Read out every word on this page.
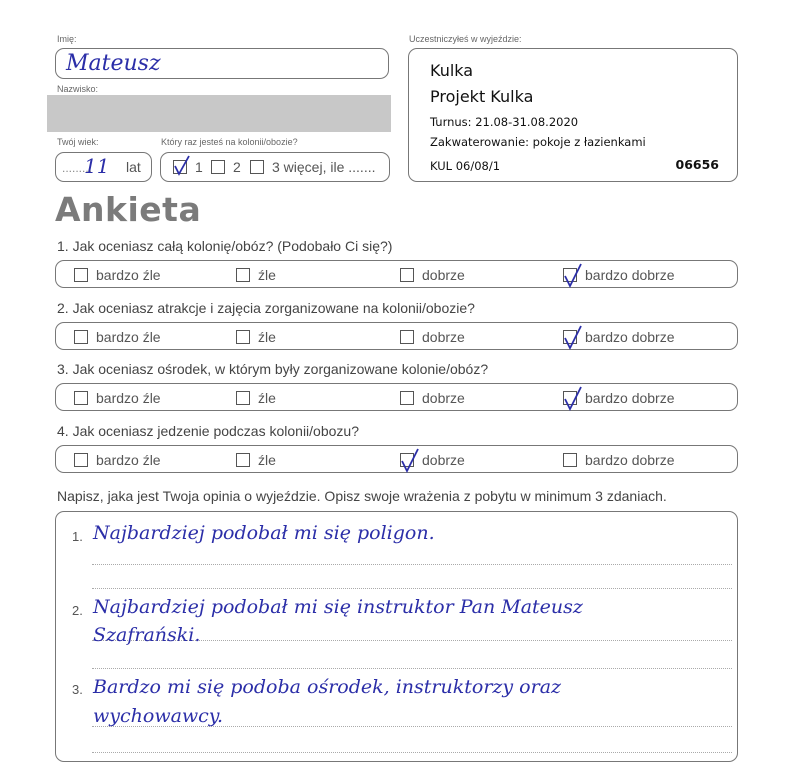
Imię:
Mateusz
Nazwisko:
Twój wiek:
.........
11 lat
Który raz jesteś na kolonii/obozie?
1 2 3 więcej, ile .......
Uczestniczyłeś w wyjeździe:
Kulka
Projekt Kulka
Turnus: 21.08-31.08.2020
Zakwaterowanie: pokoje z łazienkami
KUL 06/08/1	06656
Ankieta
1. Jak oceniasz całą kolonię/obóz? (Podobało Ci się?)
bardzo źle	źle	dobrze	bardzo dobrze
2. Jak oceniasz atrakcje i zajęcia zorganizowane na kolonii/obozie?
bardzo źle	źle	dobrze	bardzo dobrze
3. Jak oceniasz ośrodek, w którym były zorganizowane kolonie/obóz?
bardzo źle	źle	dobrze	bardzo dobrze
4. Jak oceniasz jedzenie podczas kolonii/obozu?
bardzo źle	źle	dobrze	bardzo dobrze
Napisz, jaka jest Twoja opinia o wyjeździe. Opisz swoje wrażenia z pobytu w minimum 3 zdaniach.
1.
2.
3.
Najbardziej podobał mi się poligon.
Najbardziej podobał mi się instruktor Pan Mateusz
Szafrański.
Bardzo mi się podoba ośrodek, instruktorzy oraz
wychowawcy.
